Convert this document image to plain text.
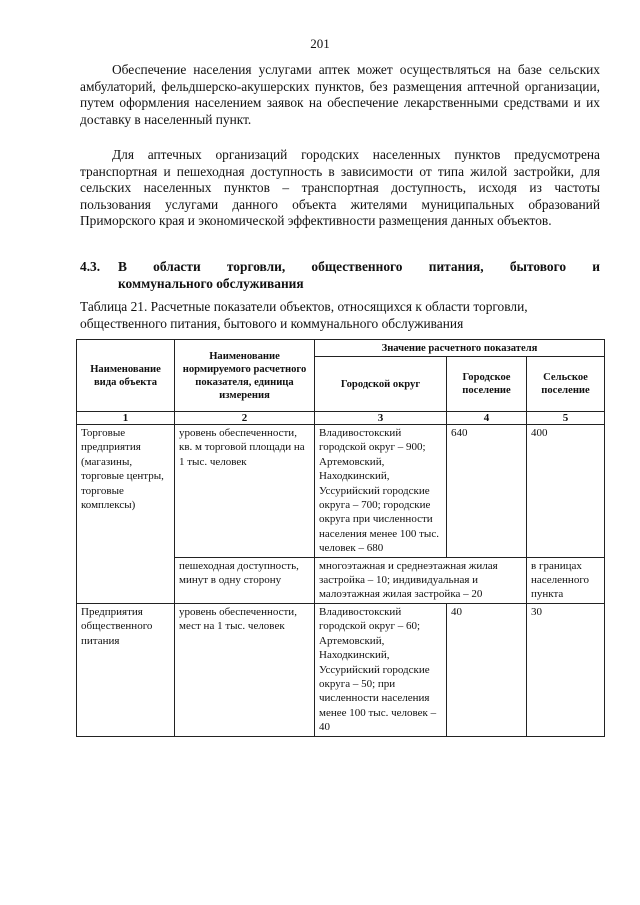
201

Обеспечение населения услугами аптек может осуществляться на базе сельских амбулаторий, фельдшерско-акушерских пунктов, без размещения аптечной организации, путем оформления населением заявок на обеспечение лекарственными средствами и их доставку в населенный пункт.

Для аптечных организаций городских населенных пунктов предусмотрена транспортная и пешеходная доступность в зависимости от типа жилой застройки, для сельских населенных пунктов – транспортная доступность, исходя из частоты пользования услугами данного объекта жителями муниципальных образований Приморского края и экономической эффективности размещения данных объектов.

4.3. В области торговли, общественного питания, бытового и
коммунального обслуживания

Таблица 21. Расчетные показатели объектов, относящихся к области торговли, общественного питания, бытового и коммунального обслуживания

Наименование вида объекта	Наименование нормируемого расчетного показателя, единица измерения	Значение расчетного показателя		
		Городской округ	Городское поселение	Сельское поселение
1	2	3	4	5
Торговые предприятия (магазины, торговые центры, торговые комплексы)	уровень обеспеченности, кв. м торговой площади на 1 тыс. человек	Владивостокский городской округ – 900; Артемовский, Находкинский, Уссурийский городские округа – 700; городские округа при численности населения менее 100 тыс. человек – 680	640	400
	пешеходная доступность, минут в одну сторону	многоэтажная и среднеэтажная жилая застройка – 10; индивидуальная и малоэтажная жилая застройка – 20		в границах населенного пункта
Предприятия общественного питания	уровень обеспеченности, мест на 1 тыс. человек	Владивостокский городской округ – 60; Артемовский, Находкинский, Уссурийский городские округа – 50; при численности населения менее 100 тыс. человек – 40	40	30
